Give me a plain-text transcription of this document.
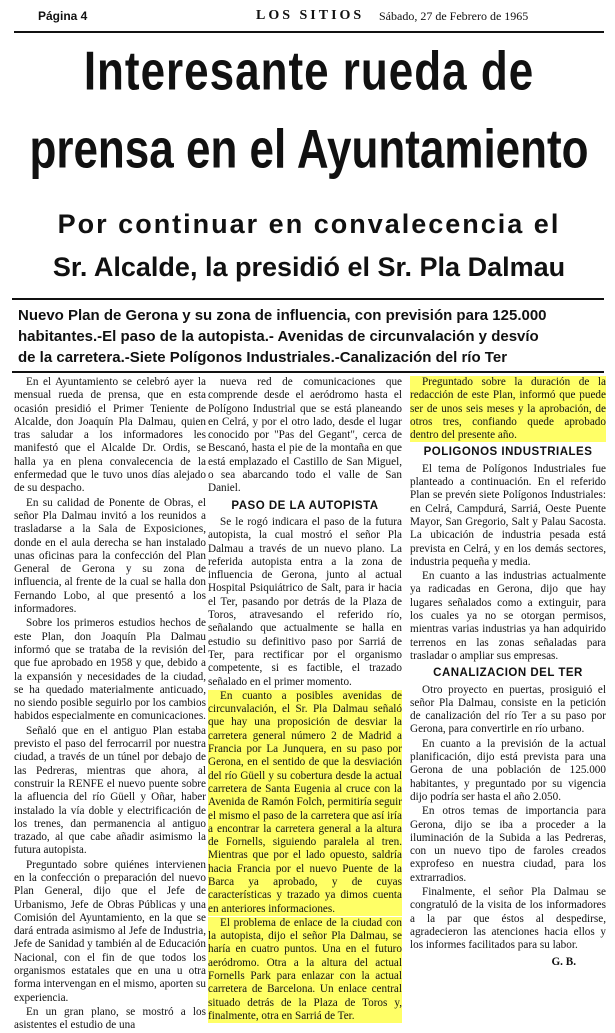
Página 4	LOS SITIOS Sábado, 27 de Febrero de 1965
Interesante rueda de
prensa en el Ayuntamiento
Por continuar en convalecencia el
Sr. Alcalde, la presidió el Sr. Pla Dalmau
Nuevo Plan de Gerona y su zona de influencia, con previsión para 125.000
habitantes.-El paso de la autopista.- Avenidas de circunvalación y desvío
de la carretera.-Siete Polígonos Industriales.-Canalización del río Ter

En el Ayuntamiento se celebró ayer la mensual rueda de prensa, que en esta ocasión presidió el Primer Teniente de Alcalde, don Joaquín Pla Dalmau, quien tras saludar a los informadores les manifestó que el Alcalde Dr. Ordis, se halla ya en plena convalecencia de la enfermedad que le tuvo unos días alejado de su despacho.

En su calidad de Ponente de Obras, el señor Pla Dalmau invitó a los reunidos a trasladarse a la Sala de Exposiciones, donde en el aula derecha se han instalado unas oficinas para la confección del Plan General de Gerona y su zona de influencia, al frente de la cual se halla don Fernando Lobo, al que presentó a los informadores.

Sobre los primeros estudios hechos de este Plan, don Joaquín Pla Dalmau informó que se trataba de la revisión del que fue aprobado en 1958 y que, debido a la expansión y necesidades de la ciudad, se ha quedado materialmente anticuado, no siendo posible seguirlo por los cambios habidos especialmente en comunicaciones.

Señaló que en el antiguo Plan estaba previsto el paso del ferrocarril por nuestra ciudad, a través de un túnel por debajo de las Pedreras, mientras que ahora, al construir la RENFE el nuevo puente sobre la afluencia del río Güell y Oñar, haber instalado la vía doble y electrificación de los trenes, dan permanencia al antiguo trazado, al que cabe añadir asimismo la futura autopista.

Preguntado sobre quiénes intervienen en la confección o preparación del nuevo Plan General, dijo que el Jefe de Urbanismo, Jefe de Obras Públicas y una Comisión del Ayuntamiento, en la que se dará entrada asimismo al Jefe de Industria, Jefe de Sanidad y también al de Educación Nacional, con el fin de que todos los organismos estatales que en una u otra forma intervengan en el mismo, aporten su experiencia.

En un gran plano, se mostró a los asistentes el estudio de una

nueva red de comunicaciones que comprende desde el aeródromo hasta el Polígono Industrial que se está planeando en Celrá, y por el otro lado, desde el lugar conocido por "Pas del Gegant", cerca de Bescanó, hasta el pie de la montaña en que está emplazado el Castillo de San Miguel, o sea abarcando todo el valle de San Daniel.

PASO DE LA AUTOPISTA

Se le rogó indicara el paso de la futura autopista, la cual mostró el señor Pla Dalmau a través de un nuevo plano. La referida autopista entra a la zona de influencia de Gerona, junto al actual Hospital Psiquiátrico de Salt, para ir hacia el Ter, pasando por detrás de la Plaza de Toros, atravesando el referido río, señalando que actualmente se halla en estudio su definitivo paso por Sarriá de Ter, para rectificar por el organismo competente, si es factible, el trazado señalado en el primer momento.

En cuanto a posibles avenidas de circunvalación, el Sr. Pla Dalmau señaló que hay una proposición de desviar la carretera general número 2 de Madrid a Francia por La Junquera, en su paso por Gerona, en el sentido de que la desviación del río Güell y su cobertura desde la actual carretera de Santa Eugenia al cruce con la Avenida de Ramón Folch, permitiría seguir el mismo el paso de la carretera que así iría a encontrar la carretera general a la altura de Fornells, siguiendo paralela al tren. Mientras que por el lado opuesto, saldría hacia Francia por el nuevo Puente de la Barca ya aprobado, y de cuyas características y trazado ya dimos cuenta en anteriores informaciones.

El problema de enlace de la ciudad con la autopista, dijo el señor Pla Dalmau, se haría en cuatro puntos. Una en el futuro aeródromo. Otra a la altura del actual Fornells Park para enlazar con la actual carretera de Barcelona. Un enlace central situado detrás de la Plaza de Toros y, finalmente, otra en Sarriá de Ter.

Preguntado sobre la duración de la redacción de este Plan, informó que puede ser de unos seis meses y la aprobación, de otros tres, confiando quede aprobado dentro del presente año.

POLIGONOS INDUSTRIALES

El tema de Polígonos Industriales fue planteado a continuación. En el referido Plan se prevén siete Polígonos Industriales: en Celrá, Campdurá, Sarriá, Oeste Puente Mayor, San Gregorio, Salt y Palau Sacosta. La ubicación de industria pesada está prevista en Celrá, y en los demás sectores, industria pequeña y media.

En cuanto a las industrias actualmente ya radicadas en Gerona, dijo que hay lugares señalados como a extinguir, para los cuales ya no se otorgan permisos, mientras varias industrias ya han adquirido terrenos en las zonas señaladas para trasladar o ampliar sus empresas.

CANALIZACION DEL TER

Otro proyecto en puertas, prosiguió el señor Pla Dalmau, consiste en la petición de canalización del río Ter a su paso por Gerona, para convertirle en río urbano.

En cuanto a la previsión de la actual planificación, dijo está prevista para una Gerona de una población de 125.000 habitantes, y preguntado por su vigencia dijo podría ser hasta el año 2.050.

En otros temas de importancia para Gerona, dijo se iba a proceder a la iluminación de la Subida a las Pedreras, con un nuevo tipo de faroles creados exprofeso en nuestra ciudad, para los extrarradios.

Finalmente, el señor Pla Dalmau se congratuló de la visita de los informadores a la par que éstos al despedirse, agradecieron las atenciones hacia ellos y los informes facilitados para su labor.

G. B.
